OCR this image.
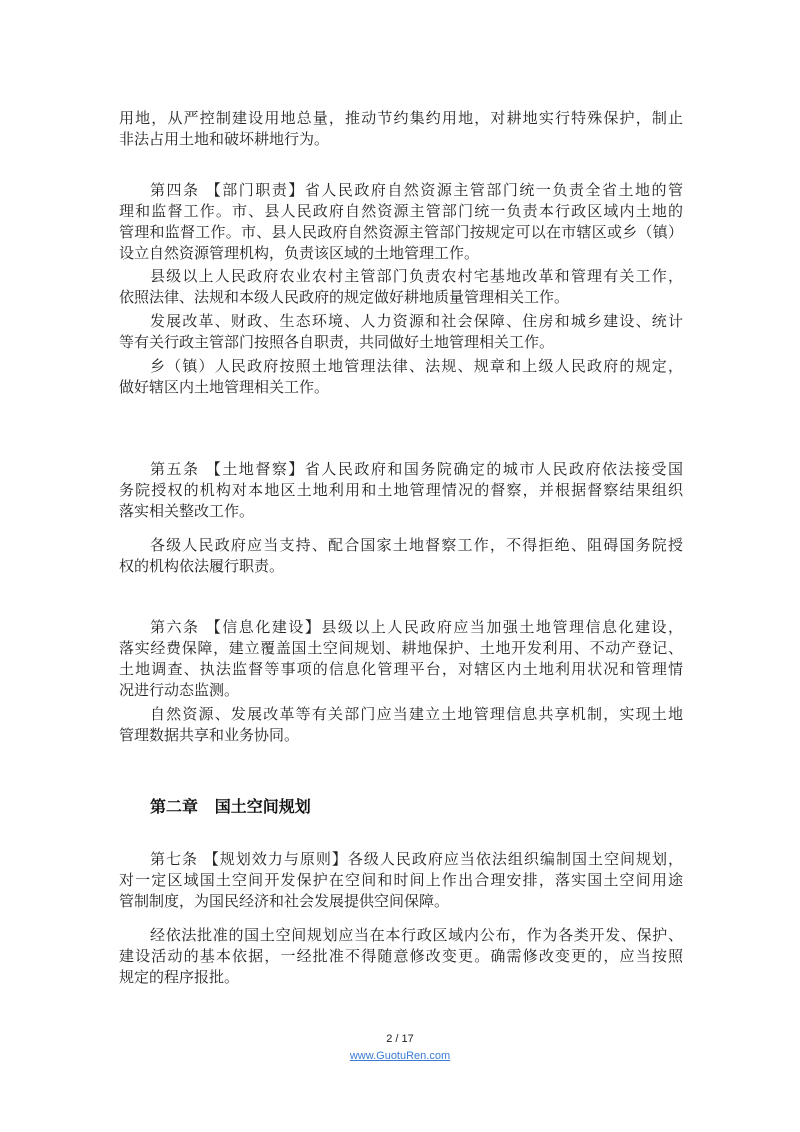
用地，从严控制建设用地总量，推动节约集约用地，对耕地实行特殊保护，制止
非法占用土地和破坏耕地行为。
第四条 【部门职责】省人民政府自然资源主管部门统一负责全省土地的管
理和监督工作。市、县人民政府自然资源主管部门统一负责本行政区域内土地的
管理和监督工作。市、县人民政府自然资源主管部门按规定可以在市辖区或乡（镇）
设立自然资源管理机构，负责该区域的土地管理工作。
县级以上人民政府农业农村主管部门负责农村宅基地改革和管理有关工作，
依照法律、法规和本级人民政府的规定做好耕地质量管理相关工作。
发展改革、财政、生态环境、人力资源和社会保障、住房和城乡建设、统计
等有关行政主管部门按照各自职责，共同做好土地管理相关工作。
乡（镇）人民政府按照土地管理法律、法规、规章和上级人民政府的规定，
做好辖区内土地管理相关工作。
第五条 【土地督察】省人民政府和国务院确定的城市人民政府依法接受国
务院授权的机构对本地区土地利用和土地管理情况的督察，并根据督察结果组织
落实相关整改工作。
各级人民政府应当支持、配合国家土地督察工作，不得拒绝、阻碍国务院授
权的机构依法履行职责。
第六条 【信息化建设】县级以上人民政府应当加强土地管理信息化建设，
落实经费保障，建立覆盖国土空间规划、耕地保护、土地开发利用、不动产登记、
土地调查、执法监督等事项的信息化管理平台，对辖区内土地利用状况和管理情
况进行动态监测。
自然资源、发展改革等有关部门应当建立土地管理信息共享机制，实现土地
管理数据共享和业务协同。
第七条 【规划效力与原则】各级人民政府应当依法组织编制国土空间规划，
对一定区域国土空间开发保护在空间和时间上作出合理安排，落实国土空间用途
管制制度，为国民经济和社会发展提供空间保障。
经依法批准的国土空间规划应当在本行政区域内公布，作为各类开发、保护、
建设活动的基本依据，一经批准不得随意修改变更。确需修改变更的，应当按照
规定的程序报批。
第二章   国土空间规划
2 / 17
www.GuotuRen.com
